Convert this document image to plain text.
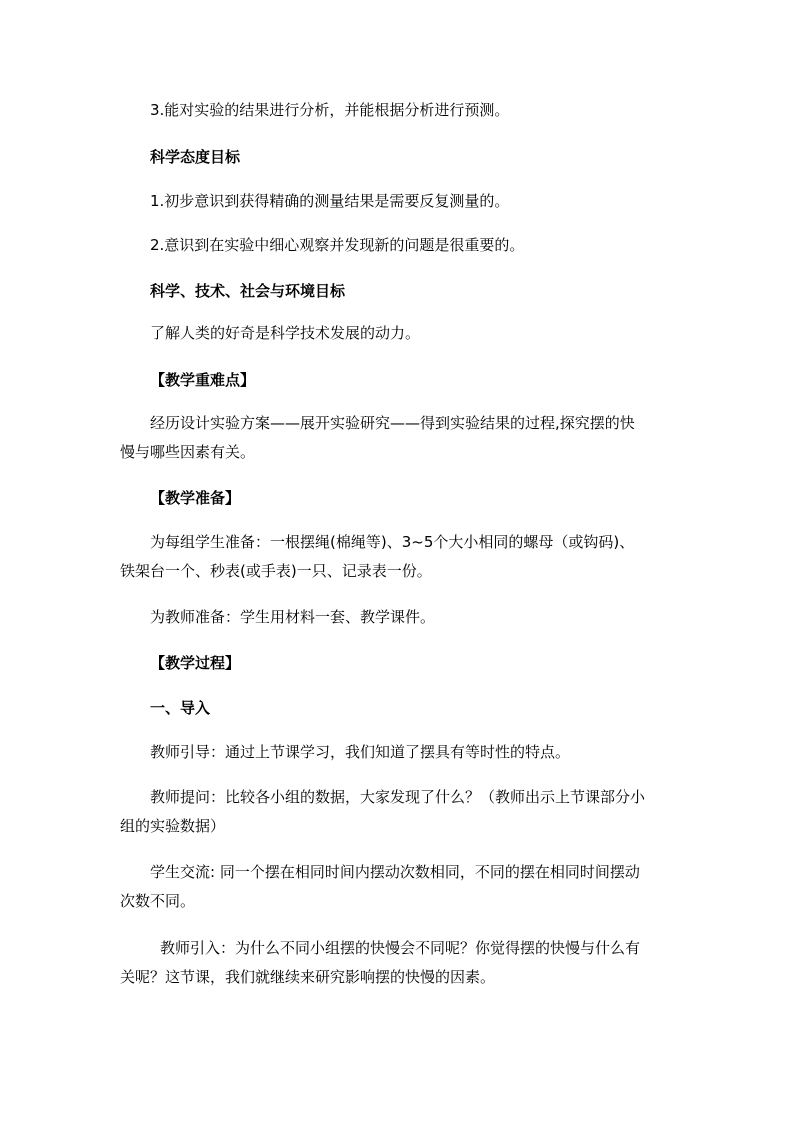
3.能对实验的结果进行分析，并能根据分析进行预测。

科学态度目标

1.初步意识到获得精确的测量结果是需要反复测量的。

2.意识到在实验中细心观察并发现新的问题是很重要的。

科学、技术、社会与环境目标

了解人类的好奇是科学技术发展的动力。

【教学重难点】

经历设计实验方案——展开实验研究——得到实验结果的过程,探究摆的快
慢与哪些因素有关。

【教学准备】

为每组学生准备：一根摆绳(棉绳等)、3~5个大小相同的螺母（或钩码)、
铁架台一个、秒表(或手表)一只、记录表一份。

为教师准备：学生用材料一套、教学课件。

【教学过程】

一、导入

教师引导：通过上节课学习，我们知道了摆具有等时性的特点。

教师提问：比较各小组的数据，大家发现了什么？（教师出示上节课部分小
组的实验数据）

学生交流: 同一个摆在相同时间内摆动次数相同，不同的摆在相同时间摆动
次数不同。

教师引入：为什么不同小组摆的快慢会不同呢？你觉得摆的快慢与什么有
关呢？这节课，我们就继续来研究影响摆的快慢的因素。
